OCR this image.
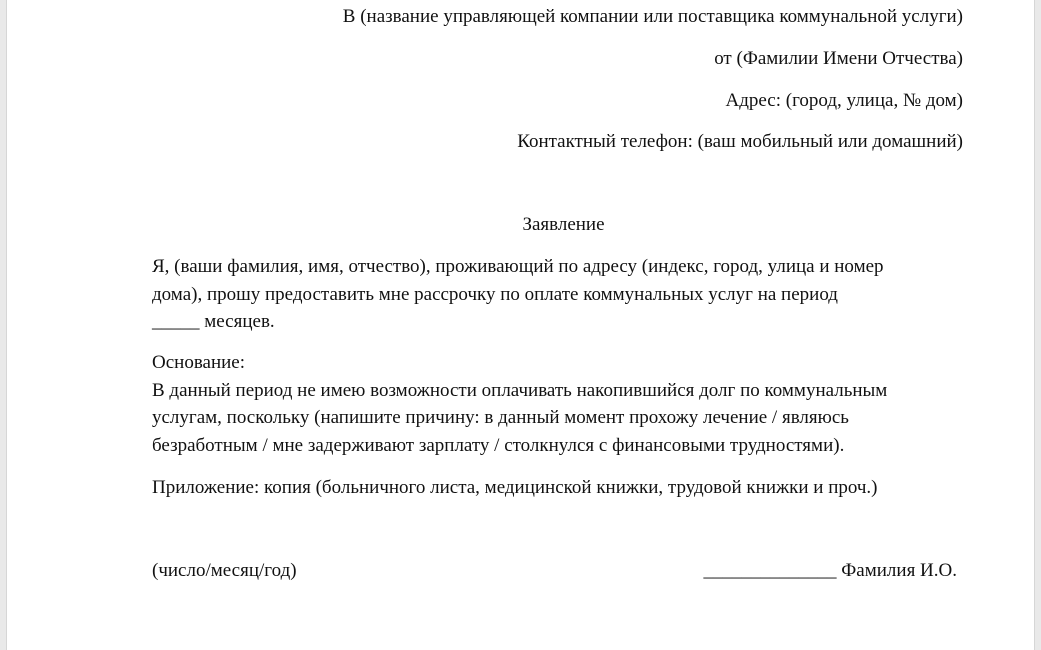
В (название управляющей компании или поставщика коммунальной услуги)
от (Фамилии Имени Отчества)
Адрес: (город, улица, № дом)
Контактный телефон: (ваш мобильный или домашний)
Заявление
Я, (ваши фамилия, имя, отчество), проживающий по адресу (индекс, город, улица и номер
дома), прошу предоставить мне рассрочку по оплате коммунальных услуг на период
_____ месяцев.
Основание:
В данный период не имею возможности оплачивать накопившийся долг по коммунальным
услугам, поскольку (напишите причину: в данный момент прохожу лечение / являюсь
безработным / мне задерживают зарплату / столкнулся с финансовыми трудностями).
Приложение: копия (больничного листа, медицинской книжки, трудовой книжки и проч.)
(число/месяц/год)	______________ Фамилия И.О.
